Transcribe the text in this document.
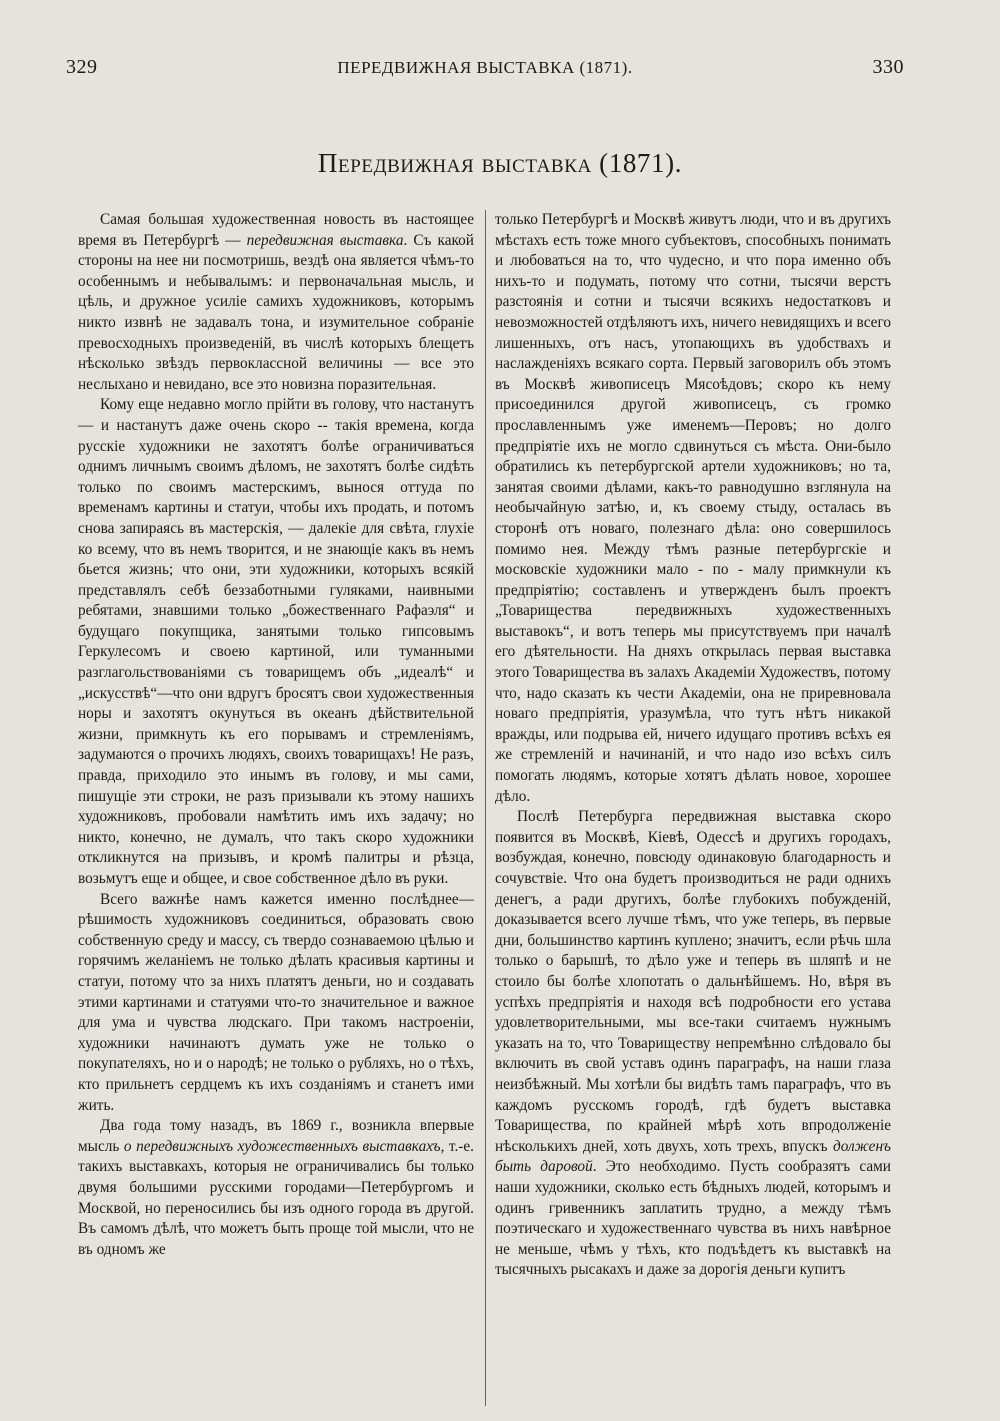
329	ПЕРЕДВИЖНАЯ ВЫСТАВКА (1871).	330
Передвижная выставка (1871).

Самая большая художественная новость въ настоящее время въ Петербургѣ — передвижная выставка. Съ какой стороны на нее ни посмотришь, вездѣ она является чѣмъ-то особеннымъ и небывалымъ: и первоначальная мысль, и цѣль, и дружное усиліе самихъ художниковъ, которымъ никто извнѣ не задавалъ тона, и изумительное собраніе превосходныхъ произведеній, въ числѣ которыхъ блещетъ нѣсколько звѣздъ первоклассной величины — все это неслыхано и невидано, все это новизна поразительная.

Кому еще недавно могло прійти въ голову, что настанутъ — и настанутъ даже очень скоро -- такія времена, когда русскіе художники не захотятъ болѣе ограничиваться однимъ личнымъ своимъ дѣломъ, не захотятъ болѣе сидѣть только по своимъ мастерскимъ, вынося оттуда по временамъ картины и статуи, чтобы ихъ продать, и потомъ снова запираясь въ мастерскія, — далекіе для свѣта, глухіе ко всему, что въ немъ творится, и не знающіе какъ въ немъ бьется жизнь; что они, эти художники, которыхъ всякій представлялъ себѣ беззаботными гуляками, наивными ребятами, знавшими только „божественнаго Рафаэля“ и будущаго покупщика, занятыми только гипсовымъ Геркулесомъ и своею картиной, или туманными разглагольствованіями съ товарищемъ объ „идеалѣ“ и „искусствѣ“—что они вдругъ бросятъ свои художественныя норы и захотятъ окунуться въ океанъ дѣйствительной жизни, примкнуть къ его порывамъ и стремленіямъ, задумаются о прочихъ людяхъ, своихъ товарищахъ! Не разъ, правда, приходило это инымъ въ голову, и мы сами, пишущіе эти строки, не разъ призывали къ этому нашихъ художниковъ, пробовали намѣтить имъ ихъ задачу; но никто, конечно, не думалъ, что такъ скоро художники откликнутся на призывъ, и кромѣ палитры и рѣзца, возьмутъ еще и общее, и свое собственное дѣло въ руки.

Всего важнѣе намъ кажется именно послѣднее— рѣшимость художниковъ соединиться, образовать свою собственную среду и массу, съ твердо сознаваемою цѣлью и горячимъ желаніемъ не только дѣлать красивыя картины и статуи, потому что за нихъ платятъ деньги, но и создавать этими картинами и статуями что-то значительное и важное для ума и чувства людскаго. При такомъ настроеніи, художники начинаютъ думать уже не только о покупателяхъ, но и о народѣ; не только о рубляхъ, но о тѣхъ, кто прильнетъ сердцемъ къ ихъ созданіямъ и станетъ ими жить.

Два года тому назадъ, въ 1869 г., возникла впервые мысль о передвижныхъ художественныхъ выставкахъ, т.-е. такихъ выставкахъ, которыя не ограничивались бы только двумя большими русскими городами—Петербургомъ и Москвой, но переносились бы изъ одного города въ другой. Въ самомъ дѣлѣ, что можетъ быть проще той мысли, что не въ одномъ же

только Петербургѣ и Москвѣ живутъ люди, что и въ другихъ мѣстахъ есть тоже много субъектовъ, способныхъ понимать и любоваться на то, что чудесно, и что пора именно объ нихъ-то и подумать, потому что сотни, тысячи верстъ разстоянія и сотни и тысячи всякихъ недостатковъ и невозможностей отдѣляютъ ихъ, ничего невидящихъ и всего лишенныхъ, отъ насъ, утопающихъ въ удобствахъ и наслажденіяхъ всякаго сорта. Первый заговорилъ объ этомъ въ Москвѣ живописецъ Мясоѣдовъ; скоро къ нему присоединился другой живописецъ, съ громко прославленнымъ уже именемъ—Перовъ; но долго предпріятіе ихъ не могло сдвинуться съ мѣста. Они-было обратились къ петербургской артели художниковъ; но та, занятая своими дѣлами, какъ-то равнодушно взглянула на необычайную затѣю, и, къ своему стыду, осталась въ сторонѣ отъ новаго, полезнаго дѣла: оно совершилось помимо нея. Между тѣмъ разные петербургскіе и московскіе художники мало - по - малу примкнули къ предпріятію; составленъ и утвержденъ былъ проектъ „Товарищества передвижныхъ художественныхъ выставокъ“, и вотъ теперь мы присутствуемъ при началѣ его дѣятельности. На дняхъ открылась первая выставка этого Товарищества въ залахъ Академіи Художествъ, потому что, надо сказать къ чести Академіи, она не приревновала новаго предпріятія, уразумѣла, что тутъ нѣтъ никакой вражды, или подрыва ей, ничего идущаго противъ всѣхъ ея же стремленій и начинаній, и что надо изо всѣхъ силъ помогать людямъ, которые хотятъ дѣлать новое, хорошее дѣло.

Послѣ Петербурга передвижная выставка скоро появится въ Москвѣ, Кіевѣ, Одессѣ и другихъ городахъ, возбуждая, конечно, повсюду одинаковую благодарность и сочувствіе. Что она будетъ производиться не ради однихъ денегъ, а ради другихъ, болѣе глубокихъ побужденій, доказывается всего лучше тѣмъ, что уже теперь, въ первые дни, большинство картинъ куплено; значитъ, если рѣчь шла только о барышѣ, то дѣло уже и теперь въ шляпѣ и не стоило бы болѣе хлопотать о дальнѣйшемъ. Но, вѣря въ успѣхъ предпріятія и находя всѣ подробности его устава удовлетворительными, мы все-таки считаемъ нужнымъ указать на то, что Товариществу непремѣнно слѣдовало бы включить въ свой уставъ одинъ параграфъ, на наши глаза неизбѣжный. Мы хотѣли бы видѣть тамъ параграфъ, что въ каждомъ русскомъ городѣ, гдѣ будетъ выставка Товарищества, по крайней мѣрѣ хоть впродолженіе нѣсколькихъ дней, хоть двухъ, хоть трехъ, впускъ долженъ быть даровой. Это необходимо. Пусть сообразятъ сами наши художники, сколько есть бѣдныхъ людей, которымъ и одинъ гривенникъ заплатить трудно, а между тѣмъ поэтическаго и художественнаго чувства въ нихъ навѣрное не меньше, чѣмъ у тѣхъ, кто подъѣдетъ къ выставкѣ на тысячныхъ рысакахъ и даже за дорогія деньги купитъ
